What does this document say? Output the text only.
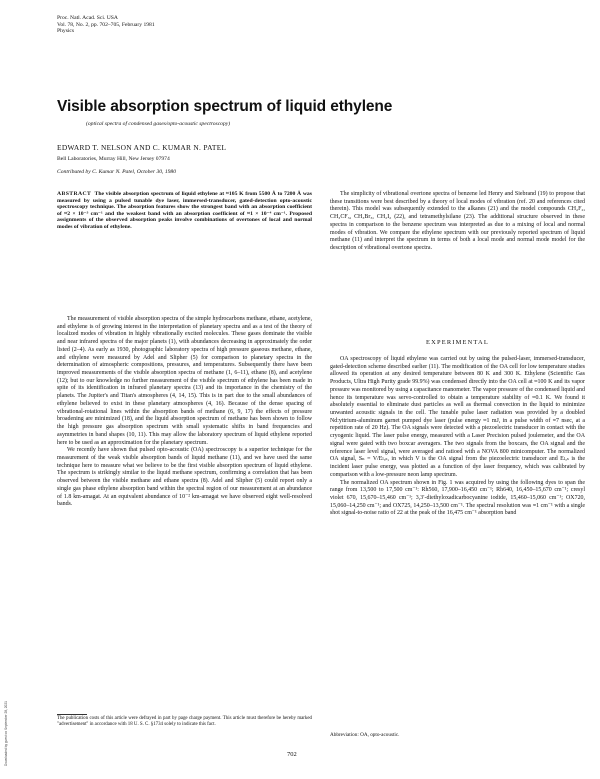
Proc. Natl. Acad. Sci. USA
Vol. 78, No. 2, pp. 702–705, February 1981
Physics
Visible absorption spectrum of liquid ethylene
(optical spectra of condensed gases/opto-acoustic spectroscopy)
EDWARD T. NELSON AND C. KUMAR N. PATEL
Bell Laboratories, Murray Hill, New Jersey 07974
Contributed by C. Kumar N. Patel, October 30, 1980
ABSTRACT The visible absorption spectrum of liquid ethylene at ≈105 K from 5500 Å to 7200 Å was measured by using a pulsed tunable dye laser, immersed-transducer, gated-detection opto-acoustic spectroscopy technique. The absorption features show the strongest band with an absorption coefficient of ≈2 × 10⁻³ cm⁻¹ and the weakest band with an absorption coefficient of ≈1 × 10⁻⁴ cm⁻¹. Proposed assignments of the observed absorption peaks involve combinations of overtones of local and normal modes of vibration of ethylene.

The measurement of visible absorption spectra of the simple hydrocarbons methane, ethane, acetylene, and ethylene is of growing interest in the interpretation of planetary spectra and as a test of the theory of localized modes of vibration in highly vibrationally excited molecules. These gases dominate the visible and near infrared spectra of the major planets (1), with abundances decreasing in approximately the order listed (2–4). As early as 1930, photographic laboratory spectra of high pressure gaseous methane, ethane, and ethylene were measured by Adel and Slipher (5) for comparison to planetary spectra in the determination of atmospheric compositions, pressures, and temperatures. Subsequently there have been improved measurements of the visible absorption spectra of methane (1, 6–11), ethane (8), and acetylene (12); but to our knowledge no further measurement of the visible spectrum of ethylene has been made in spite of its identification in infrared planetary spectra (13) and its importance in the chemistry of the planets. The Jupiter's and Titan's atmospheres (4, 14, 15). This is in part due to the small abundances of ethylene believed to exist in these planetary atmospheres (4, 16). Because of the dense spacing of vibrational-rotational lines within the absorption bands of methane (6, 9, 17) the effects of pressure broadening are minimized (18), and the liquid absorption spectrum of methane has been shown to follow the high pressure gas absorption spectrum with small systematic shifts in band frequencies and asymmetries in band shapes (10, 11). This may allow the laboratory spectrum of liquid ethylene reported here to be used as an approximation for the planetary spectrum.

We recently have shown that pulsed opto-acoustic (OA) spectroscopy is a superior technique for the measurement of the weak visible absorption bands of liquid methane (11), and we have used the same technique here to measure what we believe to be the first visible absorption spectrum of liquid ethylene. The spectrum is strikingly similar to the liquid methane spectrum, confirming a correlation that has been observed between the visible methane and ethane spectra (8). Adel and Slipher (5) could report only a single gas phase ethylene absorption band within the spectral region of our measurement at an abundance of 1.8 km-amagat. At an equivalent abundance of 10⁻² km-amagat we have observed eight well-resolved bands.

The simplicity of vibrational overtone spectra of benzene led Henry and Siebrand (19) to propose that these transitions were best described by a theory of local modes of vibration (ref. 20 and references cited therein). This model was subsequently extended to the alkanes (21) and the model compounds CH₂F₂, CH₃CF₃, CH₃Br₃, CH₂I₂ (22), and tetramethylsilane (23). The additional structure observed in these spectra in comparison to the benzene spectrum was interpreted as due to a mixing of local and normal modes of vibration. We compare the ethylene spectrum with our previously reported spectrum of liquid methane (11) and interpret the spectrum in terms of both a local mode and normal mode model for the description of vibrational overtone spectra.

EXPERIMENTAL

OA spectroscopy of liquid ethylene was carried out by using the pulsed-laser, immersed-transducer, gated-detection scheme described earlier (11). The modification of the OA cell for low temperature studies allowed its operation at any desired temperature between 80 K and 300 K. Ethylene (Scientific Gas Products, Ultra High Purity grade 99.9%) was condensed directly into the OA cell at ≈100 K and its vapor pressure was monitored by using a capacitance manometer. The vapor pressure of the condensed liquid and hence its temperature was servo-controlled to obtain a temperature stability of ≈0.1 K. We found it absolutely essential to eliminate dust particles as well as thermal convection in the liquid to minimize unwanted acoustic signals in the cell. The tunable pulse laser radiation was provided by a doubled Nd:yttrium-aluminum garnet pumped dye laser (pulse energy ≈1 mJ, in a pulse width of ≈7 nsec, at a repetition rate of 20 Hz). The OA signals were detected with a piezoelectric transducer in contact with the cryogenic liquid. The laser pulse energy, measured with a Laser Precision pulsed joulemeter, and the OA signal were gated with two boxcar averagers. The two signals from the boxcars, the OA signal and the reference laser level signal, were averaged and ratioed with a NOVA 800 minicomputer. The normalized OA signal, Sₙ = V/Eₗₐₛ, in which V is the OA signal from the piezoelectric transducer and Eₗₐₛ is the incident laser pulse energy, was plotted as a function of dye laser frequency, which was calibrated by comparison with a low-pressure neon lamp spectrum.

The normalized OA spectrum shown in Fig. 1 was acquired by using the following dyes to span the range from 13,500 to 17,500 cm⁻¹: Rh560, 17,900–16,450 cm⁻¹; Rh640, 16,450–15,670 cm⁻¹; cresyl violet 670, 15,670–15,460 cm⁻¹; 3,3′-diethyloxadicarbocyanine iodide, 15,460–15,060 cm⁻¹; OX720, 15,060–14,250 cm⁻¹; and OX725, 14,250–13,500 cm⁻¹. The spectral resolution was ≈1 cm⁻¹ with a single shot signal-to-noise ratio of 22 at the peak of the 16,475 cm⁻¹ absorption band

The publication costs of this article were defrayed in part by page charge payment. This article must therefore be hereby marked "advertisement" in accordance with 18 U. S. C. §1734 solely to indicate this fact.
Abbreviation: OA, opto-acoustic.
702
Downloaded by guest on September 28, 2021
